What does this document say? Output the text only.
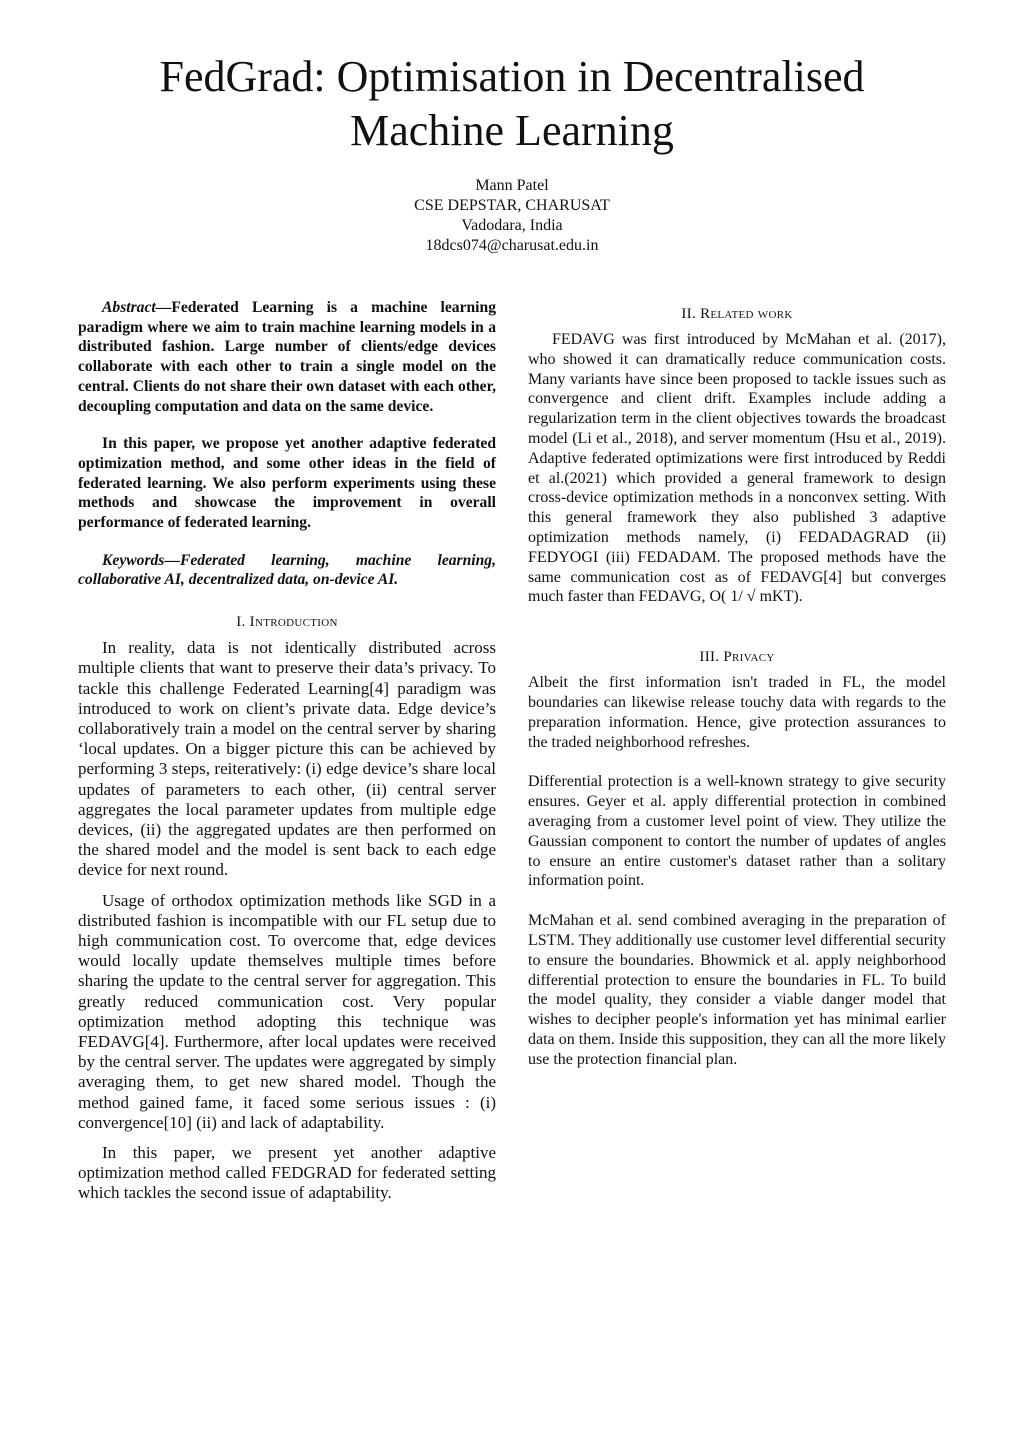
FedGrad: Optimisation in Decentralised
Machine Learning
Mann Patel
CSE DEPSTAR, CHARUSAT
Vadodara, India
18dcs074@charusat.edu.in

Abstract—Federated Learning is a machine learning paradigm where we aim to train machine learning models in a distributed fashion. Large number of clients/edge devices collaborate with each other to train a single model on the central. Clients do not share their own dataset with each other, decoupling computation and data on the same device.

In this paper, we propose yet another adaptive federated optimization method, and some other ideas in the field of federated learning. We also perform experiments using these methods and showcase the improvement in overall performance of federated learning.

Keywords—Federated learning, machine learning, collaborative AI, decentralized data, on-device AI.

I. Introduction

In reality, data is not identically distributed across multiple clients that want to preserve their data’s privacy. To tackle this challenge Federated Learning[4] paradigm was introduced to work on client’s private data. Edge device’s collaboratively train a model on the central server by sharing ‘local updates. On a bigger picture this can be achieved by performing 3 steps, reiteratively: (i) edge device’s share local updates of parameters to each other, (ii) central server aggregates the local parameter updates from multiple edge devices, (ii) the aggregated updates are then performed on the shared model and the model is sent back to each edge device for next round.

Usage of orthodox optimization methods like SGD in a distributed fashion is incompatible with our FL setup due to high communication cost. To overcome that, edge devices would locally update themselves multiple times before sharing the update to the central server for aggregation. This greatly reduced communication cost. Very popular optimization method adopting this technique was FEDAVG[4]. Furthermore, after local updates were received by the central server. The updates were aggregated by simply averaging them, to get new shared model. Though the method gained fame, it faced some serious issues : (i) convergence[10] (ii) and lack of adaptability.

In this paper, we present yet another adaptive optimization method called FEDGRAD for federated setting which tackles the second issue of adaptability.

II. Related work

FEDAVG was first introduced by McMahan et al. (2017), who showed it can dramatically reduce communication costs. Many variants have since been proposed to tackle issues such as convergence and client drift. Examples include adding a regularization term in the client objectives towards the broadcast model (Li et al., 2018), and server momentum (Hsu et al., 2019). Adaptive federated optimizations were first introduced by Reddi et al.(2021) which provided a general framework to design cross-device optimization methods in a nonconvex setting. With this general framework they also published 3 adaptive optimization methods namely, (i) FEDADAGRAD (ii) FEDYOGI (iii) FEDADAM. The proposed methods have the same communication cost as of FEDAVG[4] but converges much faster than FEDAVG, O( 1/ √ mKT).

III. Privacy

Albeit the first information isn't traded in FL, the model boundaries can likewise release touchy data with regards to the preparation information. Hence, give protection assurances to the traded neighborhood refreshes.

Differential protection is a well-known strategy to give security ensures. Geyer et al. apply differential protection in combined averaging from a customer level point of view. They utilize the Gaussian component to contort the number of updates of angles to ensure an entire customer's dataset rather than a solitary information point.

McMahan et al. send combined averaging in the preparation of LSTM. They additionally use customer level differential security to ensure the boundaries. Bhowmick et al. apply neighborhood differential protection to ensure the boundaries in FL. To build the model quality, they consider a viable danger model that wishes to decipher people's information yet has minimal earlier data on them. Inside this supposition, they can all the more likely use the protection financial plan.
